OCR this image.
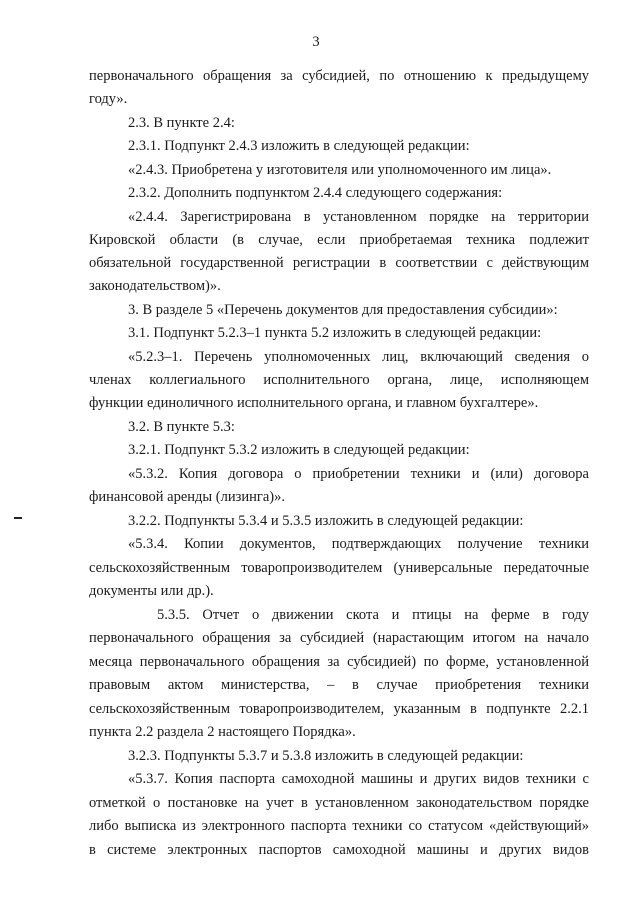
3
первоначального обращения за субсидией, по отношению к предыдущему
году».
2.3. В пункте 2.4:
2.3.1. Подпункт 2.4.3 изложить в следующей редакции:
«2.4.3. Приобретена у изготовителя или уполномоченного им лица».
2.3.2. Дополнить подпунктом 2.4.4 следующего содержания:
«2.4.4. Зарегистрирована в установленном порядке на территории
Кировской области (в случае, если приобретаемая техника подлежит
обязательной государственной регистрации в соответствии с действующим
законодательством)».
3. В разделе 5 «Перечень документов для предоставления субсидии»:
3.1. Подпункт 5.2.3–1 пункта 5.2 изложить в следующей редакции:
«5.2.3–1. Перечень уполномоченных лиц, включающий сведения о
членах коллегиального исполнительного органа, лице, исполняющем
функции единоличного исполнительного органа, и главном бухгалтере».
3.2. В пункте 5.3:
3.2.1. Подпункт 5.3.2 изложить в следующей редакции:
«5.3.2. Копия договора о приобретении техники и (или) договора
финансовой аренды (лизинга)».
3.2.2. Подпункты 5.3.4 и 5.3.5 изложить в следующей редакции:
«5.3.4. Копии документов, подтверждающих получение техники
сельскохозяйственным товаропроизводителем (универсальные передаточные
документы или др.).
5.3.5. Отчет о движении скота и птицы на ферме в году
первоначального обращения за субсидией (нарастающим итогом на начало
месяца первоначального обращения за субсидией) по форме, установленной
правовым актом министерства, – в случае приобретения техники
сельскохозяйственным товаропроизводителем, указанным в подпункте 2.2.1
пункта 2.2 раздела 2 настоящего Порядка».
3.2.3. Подпункты 5.3.7 и 5.3.8 изложить в следующей редакции:
«5.3.7. Копия паспорта самоходной машины и других видов техники с
отметкой о постановке на учет в установленном законодательством порядке
либо выписка из электронного паспорта техники со статусом «действующий»
в системе электронных паспортов самоходной машины и других видов
